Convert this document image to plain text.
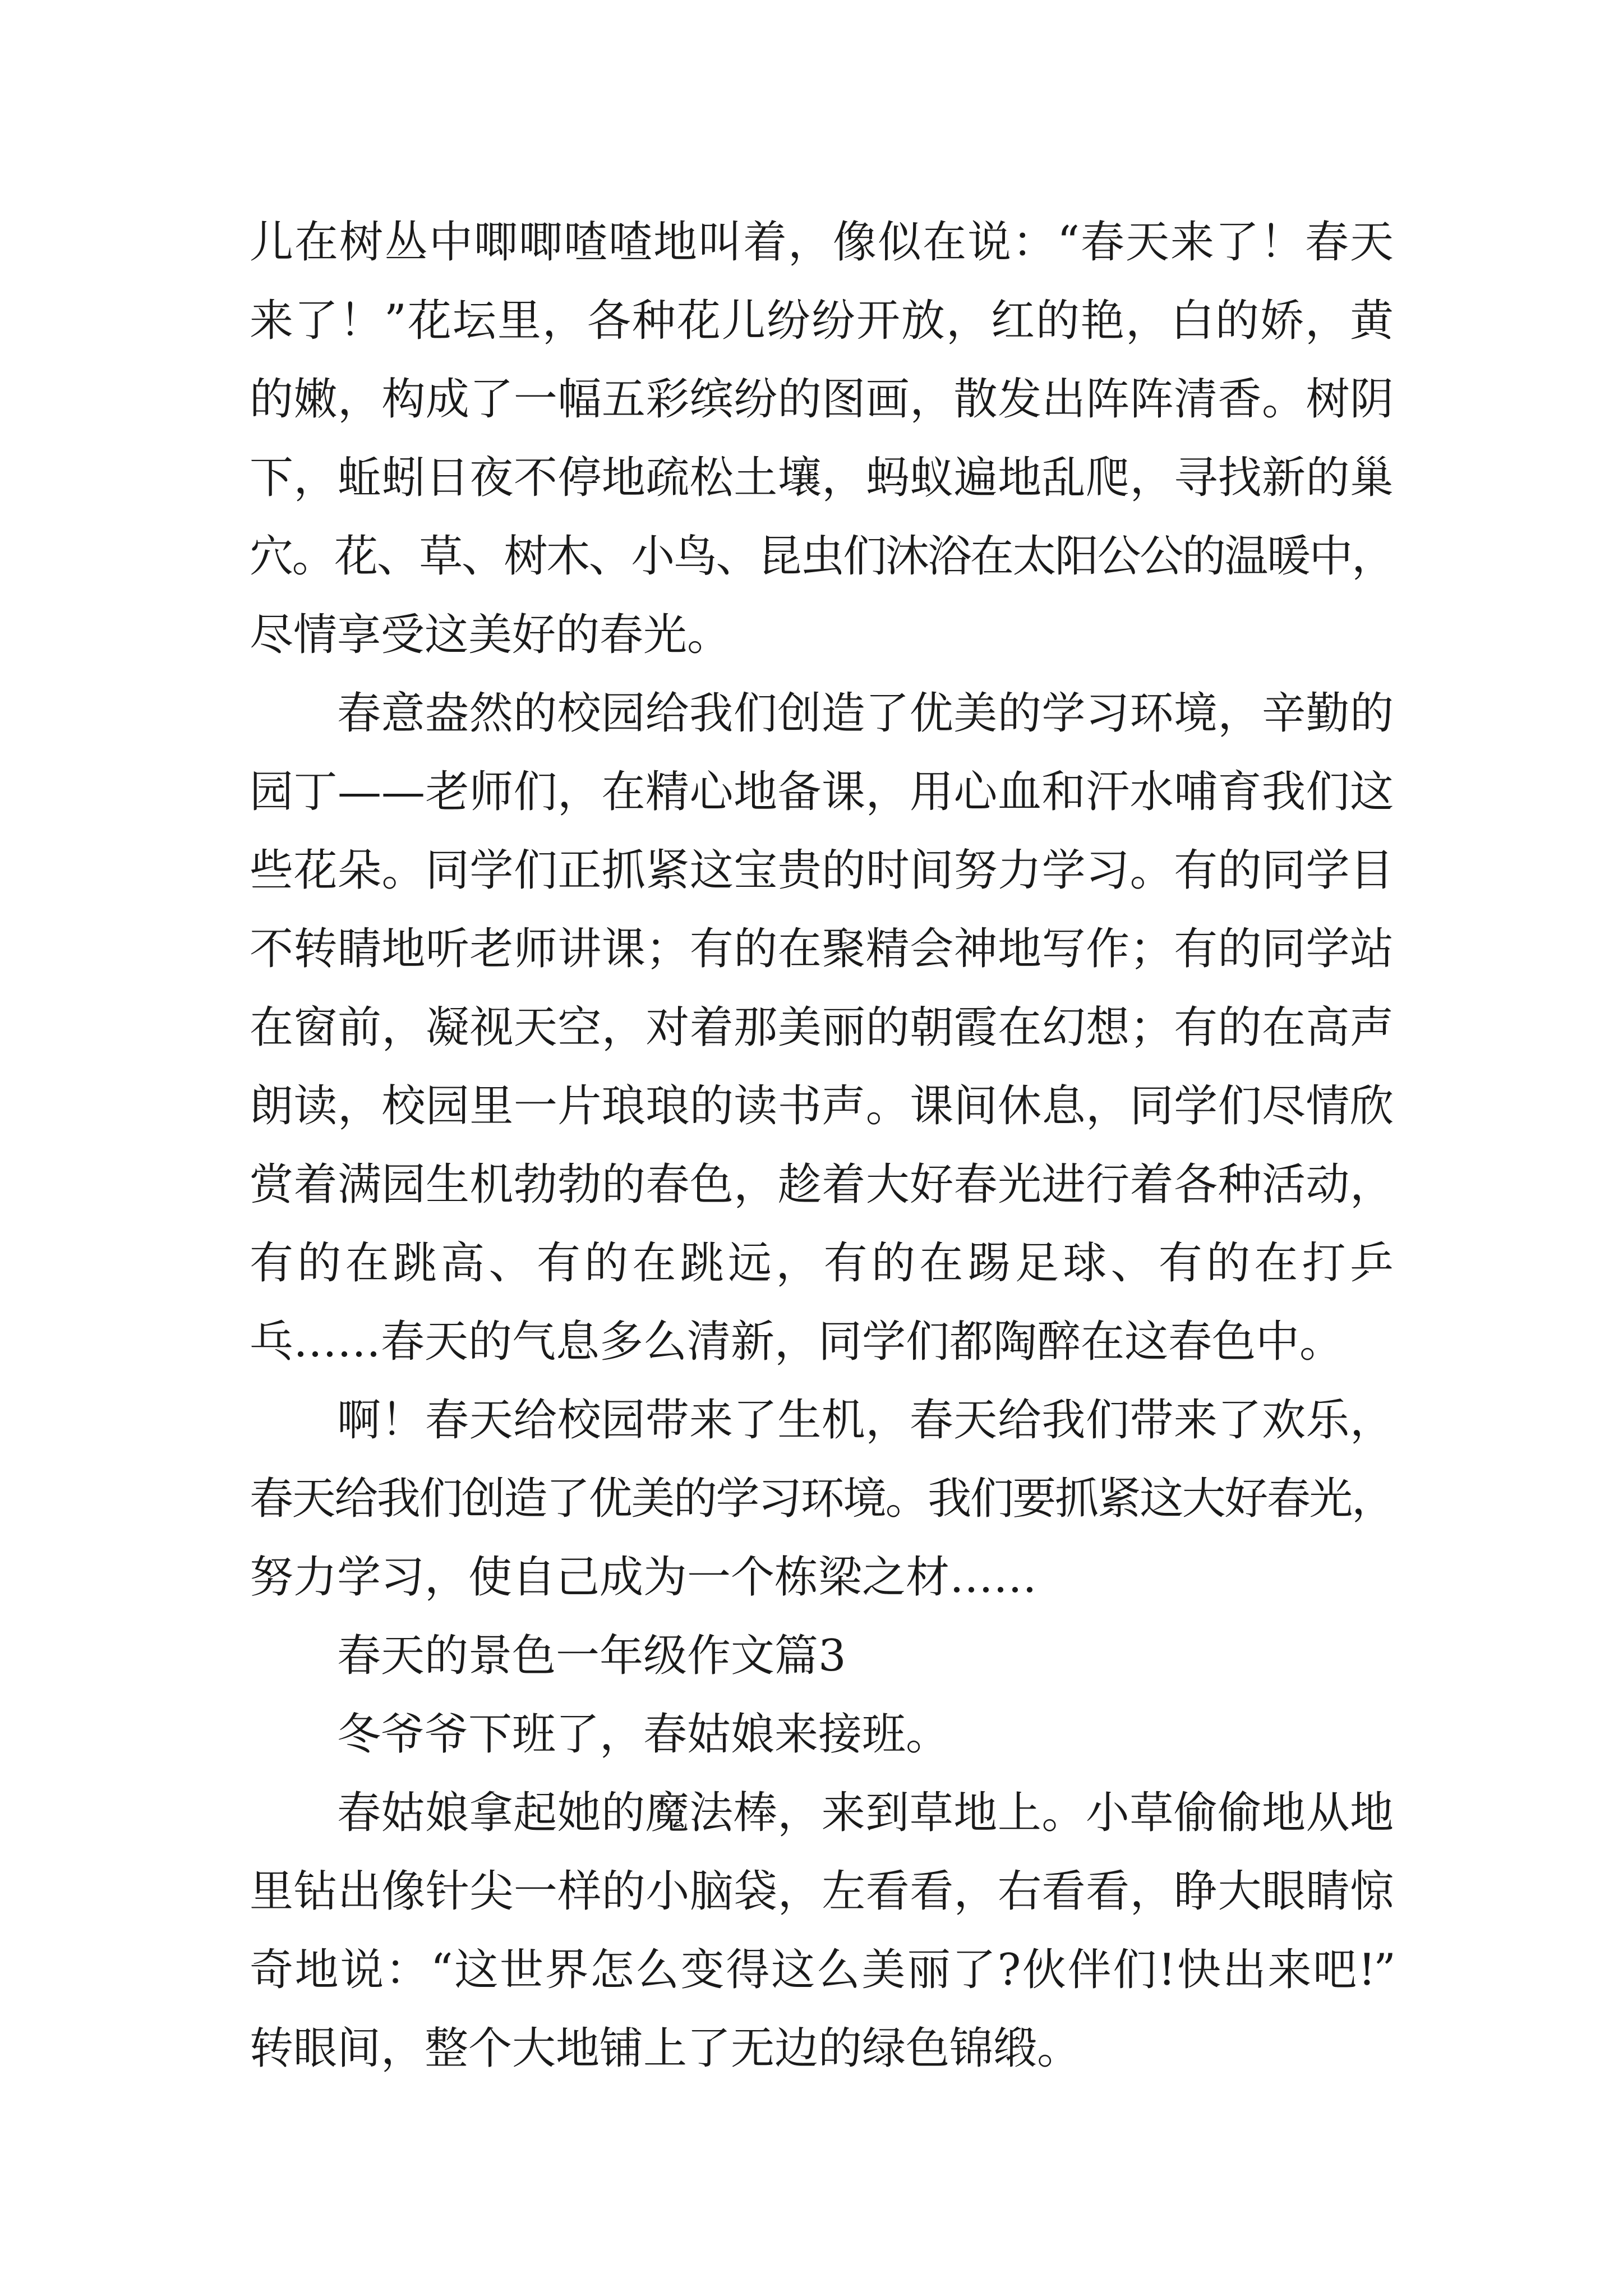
儿在树丛中唧唧喳喳地叫着，像似在说：“春天来了！春天
来了！”花坛里，各种花儿纷纷开放，红的艳，白的娇，黄
的嫩，构成了一幅五彩缤纷的图画，散发出阵阵清香。树阴
下，蚯蚓日夜不停地疏松土壤，蚂蚁遍地乱爬，寻找新的巢
穴。花、草、树木、小鸟、昆虫们沐浴在太阳公公的温暖中，
尽情享受这美好的春光。
春意盎然的校园给我们创造了优美的学习环境，辛勤的
园丁——老师们，在精心地备课，用心血和汗水哺育我们这
些花朵。同学们正抓紧这宝贵的时间努力学习。有的同学目
不转睛地听老师讲课；有的在聚精会神地写作；有的同学站
在窗前，凝视天空，对着那美丽的朝霞在幻想；有的在高声
朗读，校园里一片琅琅的读书声。课间休息，同学们尽情欣
赏着满园生机勃勃的春色，趁着大好春光进行着各种活动，
有的在跳高、有的在跳远，有的在踢足球、有的在打乒
乓……春天的气息多么清新，同学们都陶醉在这春色中。
啊！春天给校园带来了生机，春天给我们带来了欢乐，
春天给我们创造了优美的学习环境。我们要抓紧这大好春光，
努力学习，使自己成为一个栋梁之材……
春天的景色一年级作文篇3
冬爷爷下班了，春姑娘来接班。
春姑娘拿起她的魔法棒，来到草地上。小草偷偷地从地
里钻出像针尖一样的小脑袋，左看看，右看看，睁大眼睛惊
奇地说：“这世界怎么变得这么美丽了?伙伴们!快出来吧!”
转眼间，整个大地铺上了无边的绿色锦缎。
